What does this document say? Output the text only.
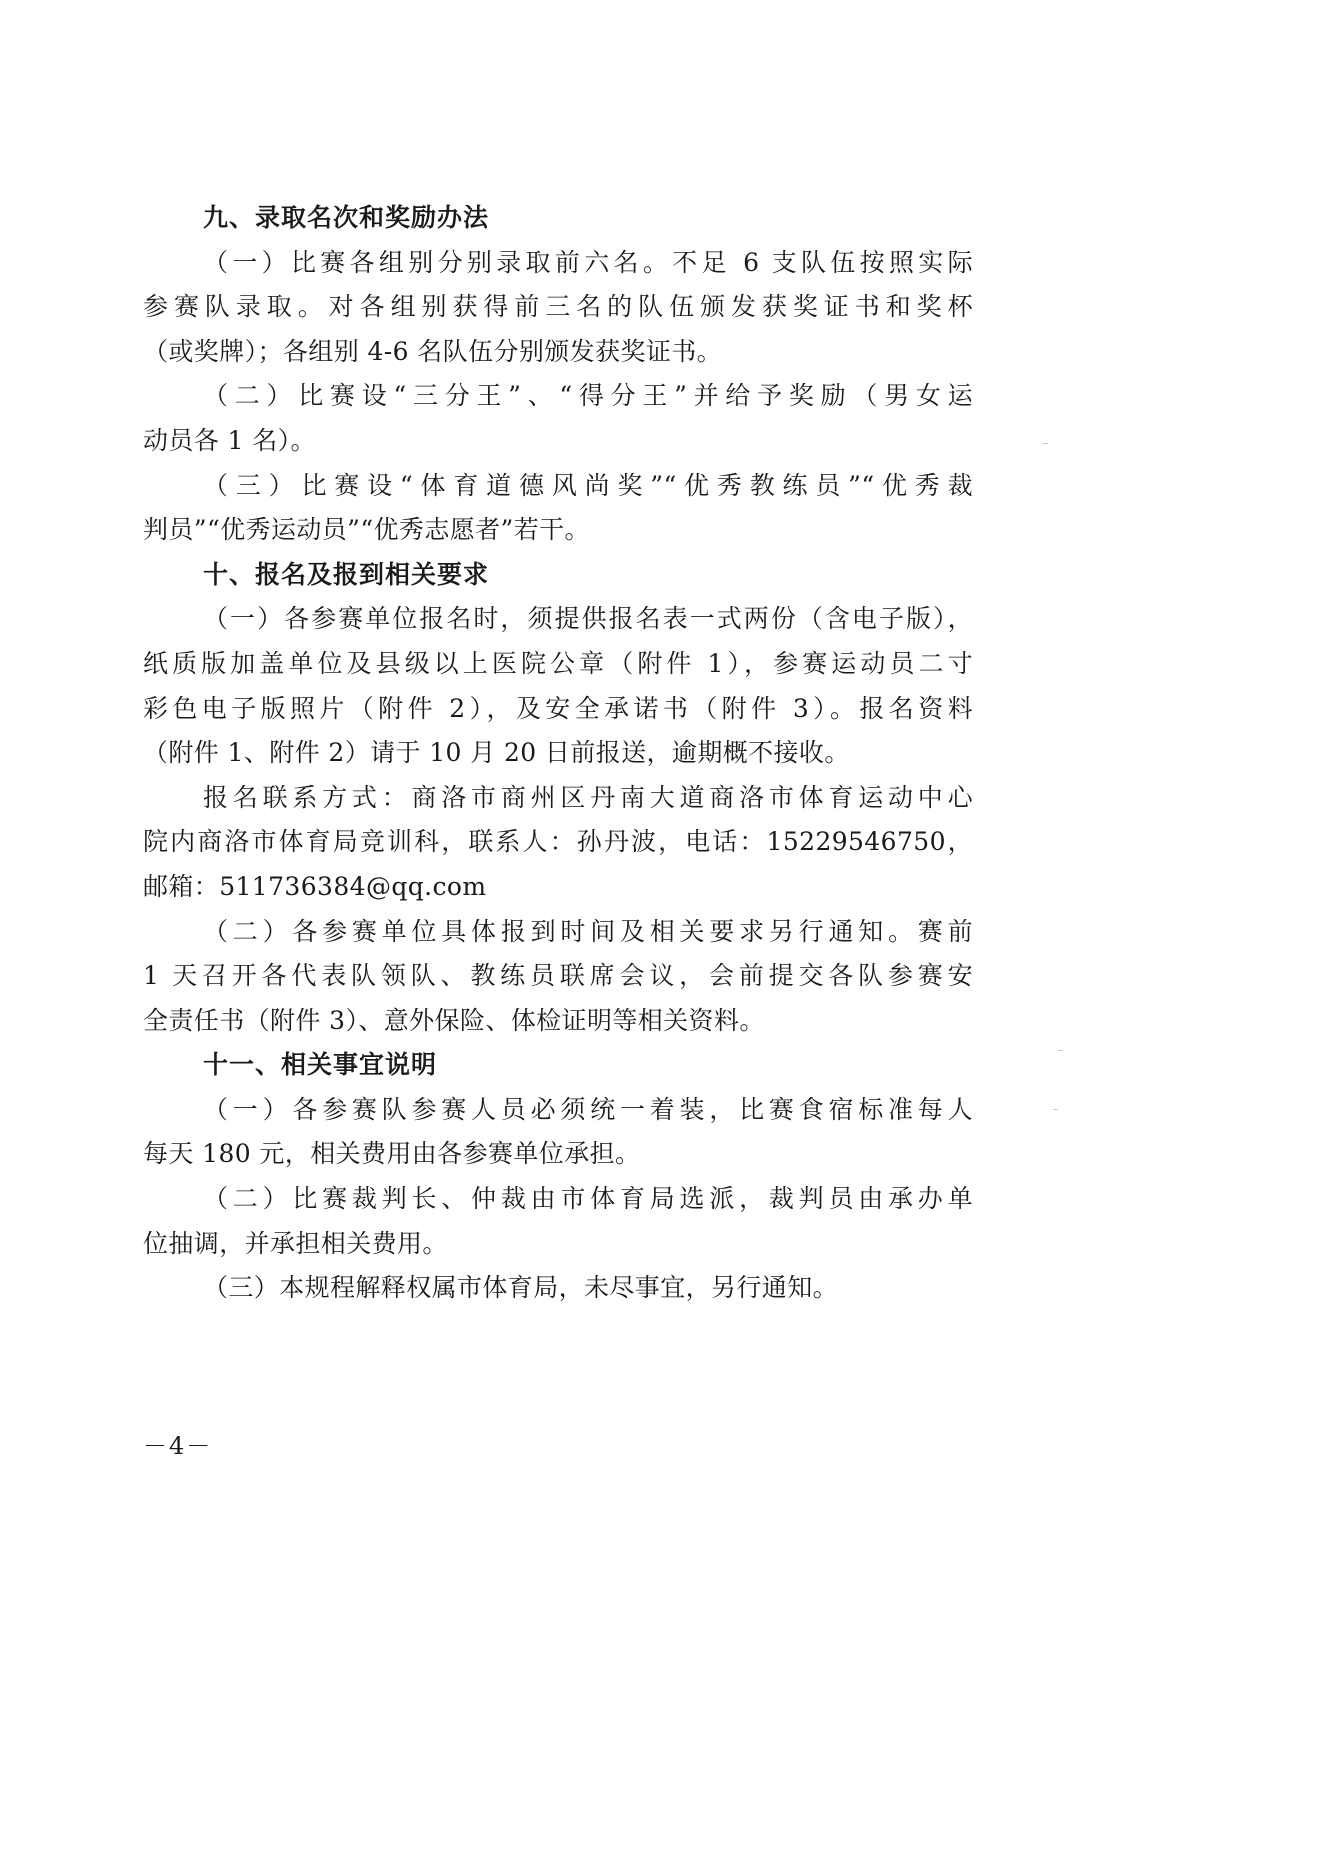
九、录取名次和奖励办法
（一）比赛各组别分别录取前六名。不足 6 支队伍按照实际
参赛队录取。对各组别获得前三名的队伍颁发获奖证书和奖杯
（或奖牌）；各组别 4-6 名队伍分别颁发获奖证书。
（二）比赛设“三分王”、“得分王”并给予奖励（男女运
动员各 1 名）。
（三）比赛设“体育道德风尚奖”“优秀教练员”“优秀裁
判员”“优秀运动员”“优秀志愿者”若干。
十、报名及报到相关要求
（一）各参赛单位报名时，须提供报名表一式两份（含电子版），
纸质版加盖单位及县级以上医院公章（附件 1），参赛运动员二寸
彩色电子版照片（附件 2），及安全承诺书（附件 3）。报名资料
（附件 1、附件 2）请于 10 月 20 日前报送，逾期概不接收。
报名联系方式：商洛市商州区丹南大道商洛市体育运动中心
院内商洛市体育局竞训科，联系人：孙丹波，电话：15229546750，
邮箱：511736384@qq.com
（二）各参赛单位具体报到时间及相关要求另行通知。赛前
1 天召开各代表队领队、教练员联席会议，会前提交各队参赛安
全责任书（附件 3）、意外保险、体检证明等相关资料。
十一、相关事宜说明
（一）各参赛队参赛人员必须统一着装，比赛食宿标准每人
每天 180 元，相关费用由各参赛单位承担。
（二）比赛裁判长、仲裁由市体育局选派，裁判员由承办单
位抽调，并承担相关费用。
（三）本规程解释权属市体育局，未尽事宜，另行通知。
－4－
